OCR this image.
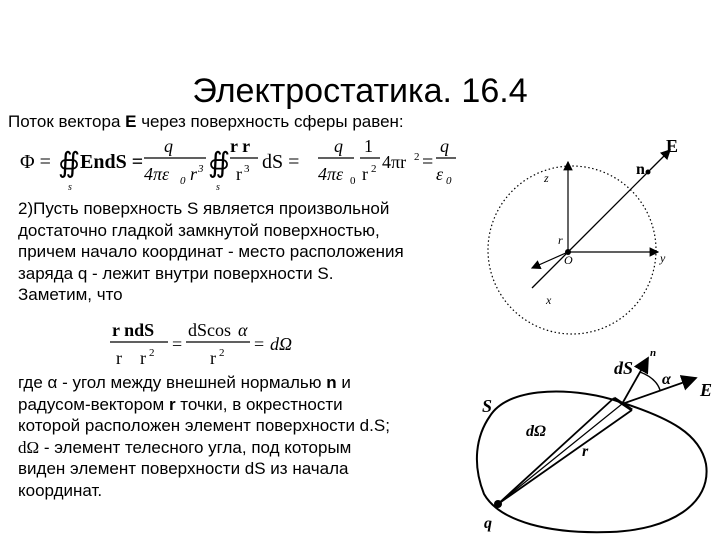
Электростатика. 16.4
Поток вектора E через поверхность сферы равен:
Φ = ∯
s
EndS =
q
4πε 0 r 3 ∯
s
r r
r 3 dS =
q
4πε 0
1
r 2 4πr 2 =
q
ε 0
2)Пусть поверхность S является произвольной
достаточно гладкой замкнутой поверхностью,
причем начало координат - место расположения
заряда q - лежит внутри поверхности S.
Заметим, что
r ndS
r r 2 =
dScos α
r 2 = dΩ
где α - угол между внешней нормалью n и
радусом-вектором r точки, в окрестности
которой расположен элемент поверхности d.S;
dΩ - элемент телесного угла, под которым
виден элемент поверхности dS из начала
координат.
z
y
x
O
r
n
E
dS
n
α
E
S
dΩ
r
q
